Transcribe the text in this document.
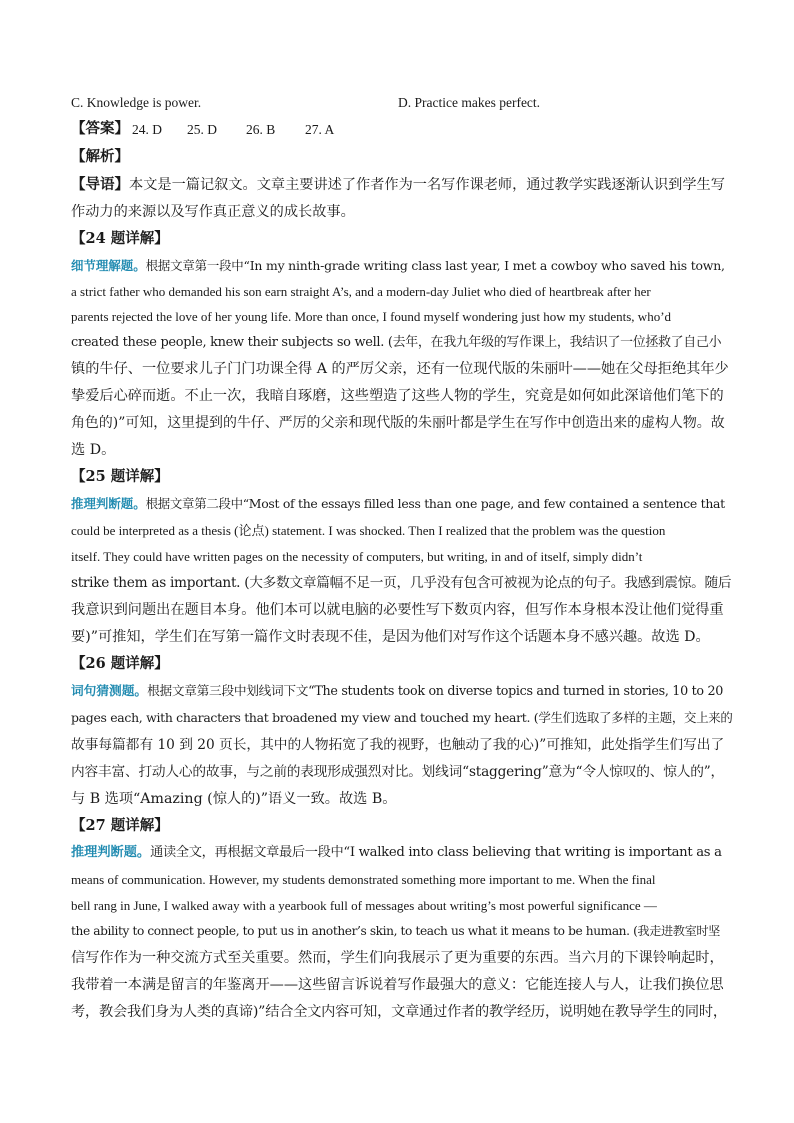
C. Knowledge is power.	D. Practice makes perfect.
【答案】 24. D 25. D 26. B 27. A
【解析】
【导语】本文是一篇记叙文。文章主要讲述了作者作为一名写作课老师，通过教学实践逐渐认识到学生写
作动力的来源以及写作真正意义的成长故事。
【24 题详解】
细节理解题。根据文章第一段中“In my ninth-grade writing class last year, I met a cowboy who saved his town,
a strict father who demanded his son earn straight A’s, and a modern-day Juliet who died of heartbreak after her
parents rejected the love of her young life. More than once, I found myself wondering just how my students, who’d
created these people, knew their subjects so well. (去年，在我九年级的写作课上，我结识了一位拯救了自己小
镇的牛仔、一位要求儿子门门功课全得 A 的严厉父亲，还有一位现代版的朱丽叶——她在父母拒绝其年少
挚爱后心碎而逝。不止一次，我暗自琢磨，这些塑造了这些人物的学生，究竟是如何如此深谙他们笔下的
角色的)”可知，这里提到的牛仔、严厉的父亲和现代版的朱丽叶都是学生在写作中创造出来的虚构人物。故
选 D。
【25 题详解】
推理判断题。根据文章第二段中“Most of the essays filled less than one page, and few contained a sentence that
could be interpreted as a thesis (论点) statement. I was shocked. Then I realized that the problem was the question
itself. They could have written pages on the necessity of computers, but writing, in and of itself, simply didn’t
strike them as important. (大多数文章篇幅不足一页，几乎没有包含可被视为论点的句子。我感到震惊。随后
我意识到问题出在题目本身。他们本可以就电脑的必要性写下数页内容，但写作本身根本没让他们觉得重
要)”可推知，学生们在写第一篇作文时表现不佳，是因为他们对写作这个话题本身不感兴趣。故选 D。
【26 题详解】
词句猜测题。根据文章第三段中划线词下文“The students took on diverse topics and turned in stories, 10 to 20
pages each, with characters that broadened my view and touched my heart. (学生们选取了多样的主题，交上来的
故事每篇都有 10 到 20 页长，其中的人物拓宽了我的视野，也触动了我的心)”可推知，此处指学生们写出了
内容丰富、打动人心的故事，与之前的表现形成强烈对比。划线词“staggering”意为“令人惊叹的、惊人的”，
与 B 选项“Amazing (惊人的)”语义一致。故选 B。
【27 题详解】
推理判断题。通读全文，再根据文章最后一段中“I walked into class believing that writing is important as a
means of communication. However, my students demonstrated something more important to me. When the final
bell rang in June, I walked away with a yearbook full of messages about writing’s most powerful significance —
the ability to connect people, to put us in another’s skin, to teach us what it means to be human. (我走进教室时坚
信写作作为一种交流方式至关重要。然而，学生们向我展示了更为重要的东西。当六月的下课铃响起时，
我带着一本满是留言的年鉴离开——这些留言诉说着写作最强大的意义：它能连接人与人，让我们换位思
考，教会我们身为人类的真谛)”结合全文内容可知，文章通过作者的教学经历，说明她在教导学生的同时，
